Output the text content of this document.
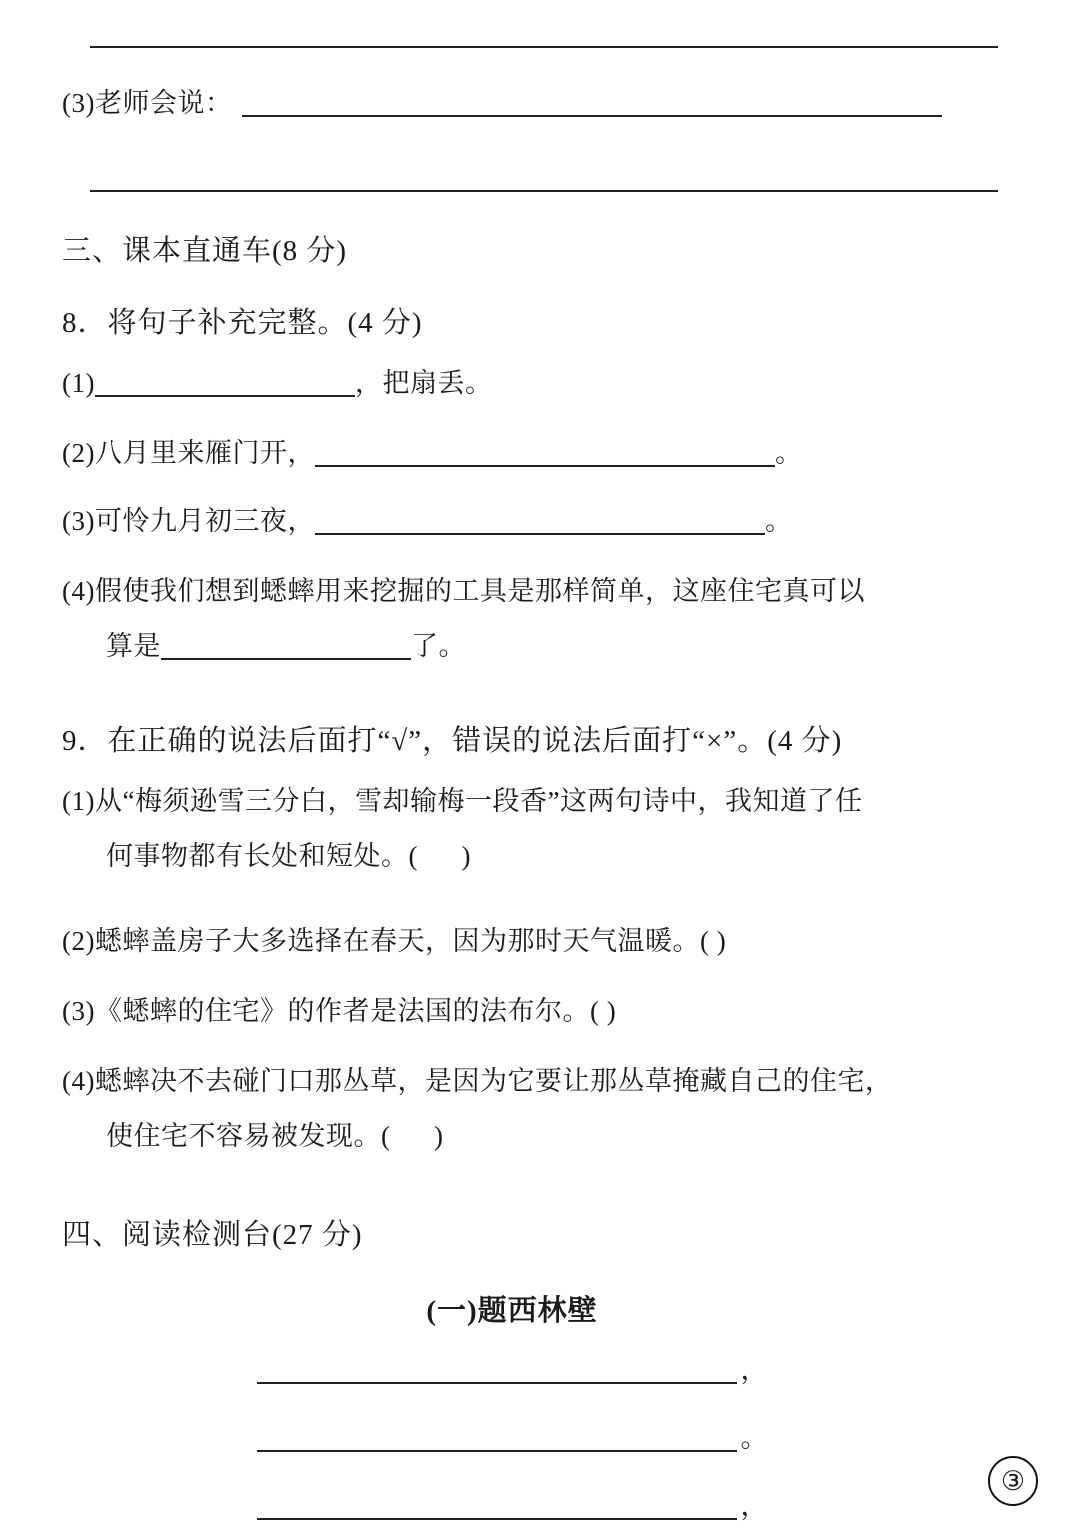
(3)老师会说：
三、课本直通车(8 分)
8．将句子补充完整。(4 分)
(1)	，把扇丢。
(2) 八月里来雁门开，	。
(3) 可怜九月初三夜，	。
(4) 假使我们想到蟋蟀用来挖掘的工具是那样简单，这座住宅真可以
算是	了。
9．在正确的说法后面打“√”，错误的说法后面打“×”。(4 分)
(1) 从“梅须逊雪三分白，雪却输梅一段香”这两句诗中，我知道了任
何事物都有长处和短处。(      )
(2) 蟋蟀盖房子大多选择在春天，因为那时天气温暖。( )
(3) 《蟋蟀的住宅》的作者是法国的法布尔。( )
(4) 蟋蟀决不去碰门口那丛草，是因为它要让那丛草掩藏自己的住宅，
使住宅不容易被发现。(      )
四、阅读检测台(27 分)
(一)题西林壁
，
。
，
③
